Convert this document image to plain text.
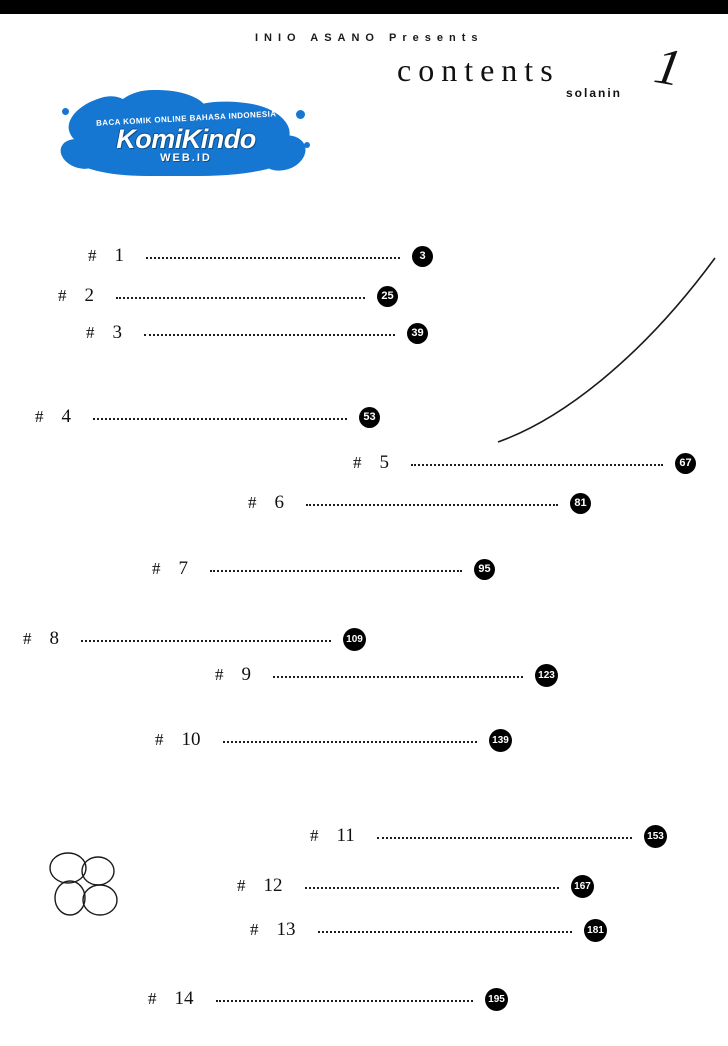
INIO ASANO Presents
contents 1
solanin
BACA KOMIK ONLINE BAHASA INDONESIA
KomiKindo
WEB.ID
# 1	3
# 2	25
# 3	39
# 4	53
# 5	67
# 6	81
# 7	95
# 8	109
# 9	123
# 10	139
# 11	153
# 12	167
# 13	181
# 14	195
